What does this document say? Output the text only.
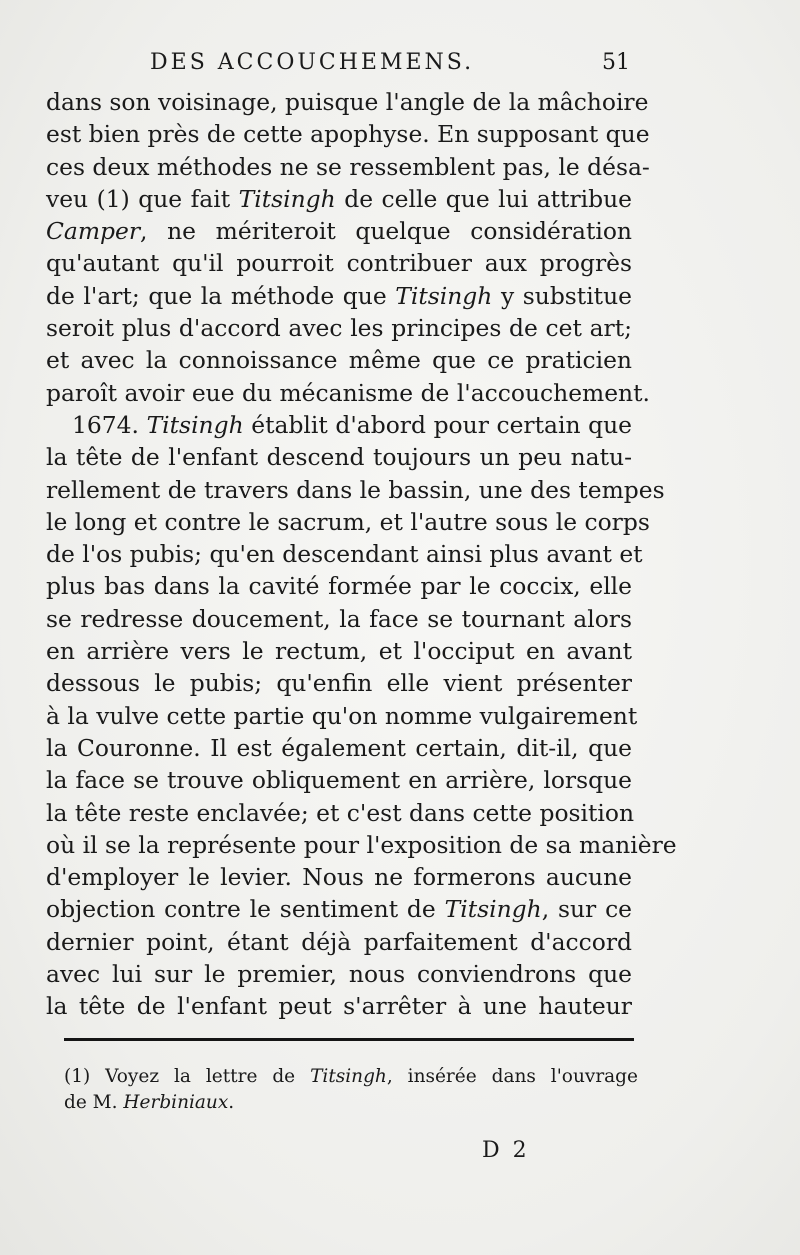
DES ACCOUCHEMENS.	51
dans son voisinage, puisque l'angle de la mâchoire
est bien près de cette apophyse. En supposant que
ces deux méthodes ne se ressemblent pas, le désa-
veu (1) que fait Titsingh de celle que lui attribue
Camper, ne mériteroit quelque considération
qu'autant qu'il pourroit contribuer aux progrès
de l'art; que la méthode que Titsingh y substitue
seroit plus d'accord avec les principes de cet art;
et avec la connoissance même que ce praticien
paroît avoir eue du mécanisme de l'accouchement.
1674. Titsingh établit d'abord pour certain que
la tête de l'enfant descend toujours un peu natu-
rellement de travers dans le bassin, une des tempes
le long et contre le sacrum, et l'autre sous le corps
de l'os pubis; qu'en descendant ainsi plus avant et
plus bas dans la cavité formée par le coccix, elle
se redresse doucement, la face se tournant alors
en arrière vers le rectum, et l'occiput en avant
dessous le pubis; qu'enfin elle vient présenter
à la vulve cette partie qu'on nomme vulgairement
la Couronne. Il est également certain, dit-il, que
la face se trouve obliquement en arrière, lorsque
la tête reste enclavée; et c'est dans cette position
où il se la représente pour l'exposition de sa manière
d'employer le levier. Nous ne formerons aucune
objection contre le sentiment de Titsingh, sur ce
dernier point, étant déjà parfaitement d'accord
avec lui sur le premier, nous conviendrons que
la tête de l'enfant peut s'arrêter à une hauteur
(1) Voyez la lettre de Titsingh, insérée dans l'ouvrage
de M. Herbiniaux.
D 2
